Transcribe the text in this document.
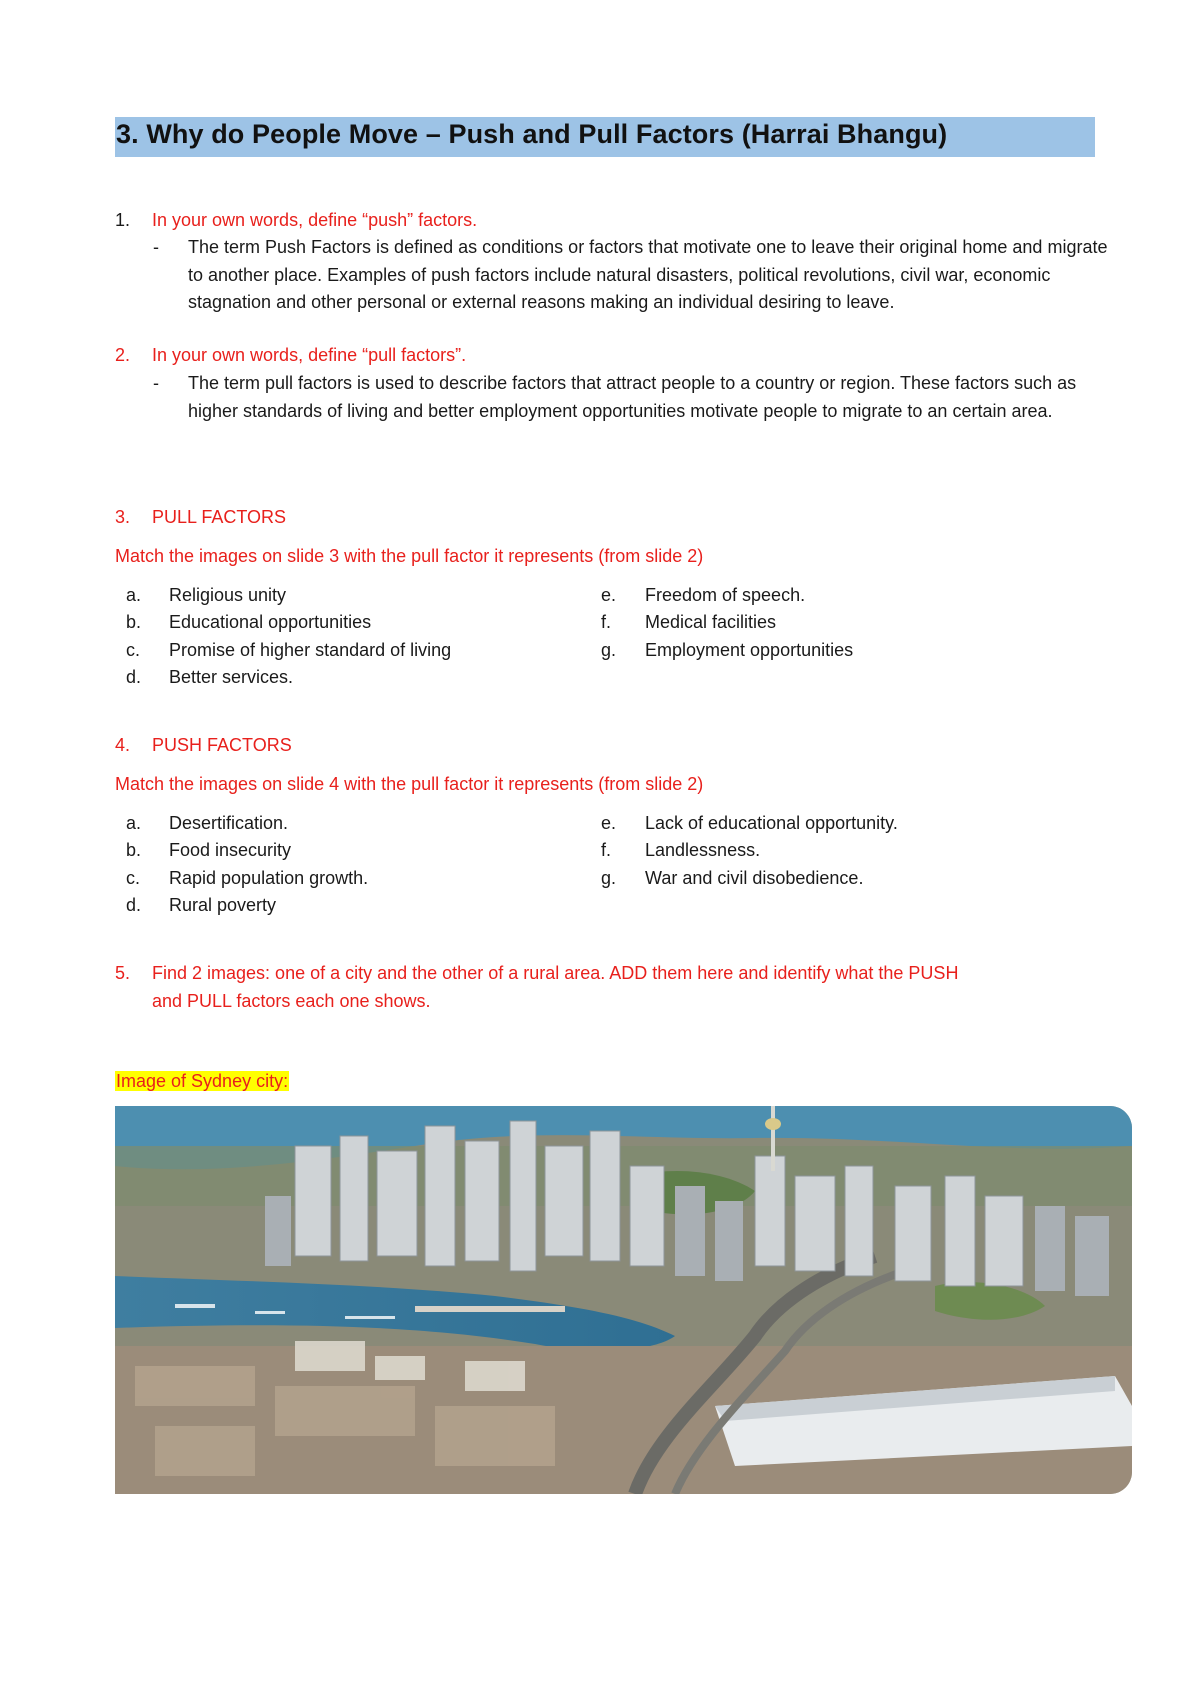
3. Why do People Move – Push and Pull Factors (Harrai Bhangu)
1. In your own words, define “push” factors.
- The term Push Factors is defined as conditions or factors that motivate one to leave their original home and migrate to another place. Examples of push factors include natural disasters, political revolutions, civil war, economic stagnation and other personal or external reasons making an individual desiring to leave.
2. In your own words, define “pull factors”.
- The term pull factors is used to describe factors that attract people to a country or region. These factors such as higher standards of living and better employment opportunities motivate people to migrate to an certain area.
3. PULL FACTORS
Match the images on slide 3 with the pull factor it represents (from slide 2)
a. Religious unity
b. Educational opportunities
c. Promise of higher standard of living
d. Better services.
e. Freedom of speech.
f. Medical facilities
g. Employment opportunities
4. PUSH FACTORS
Match the images on slide 4 with the pull factor it represents (from slide 2)
a. Desertification.
b. Food insecurity
c. Rapid population growth.
d. Rural poverty
e. Lack of educational opportunity.
f. Landlessness.
g. War and civil disobedience.
5. Find 2 images: one of a city and the other of a rural area. ADD them here and identify what the PUSH
and PULL factors each one shows.
Image of Sydney city:
